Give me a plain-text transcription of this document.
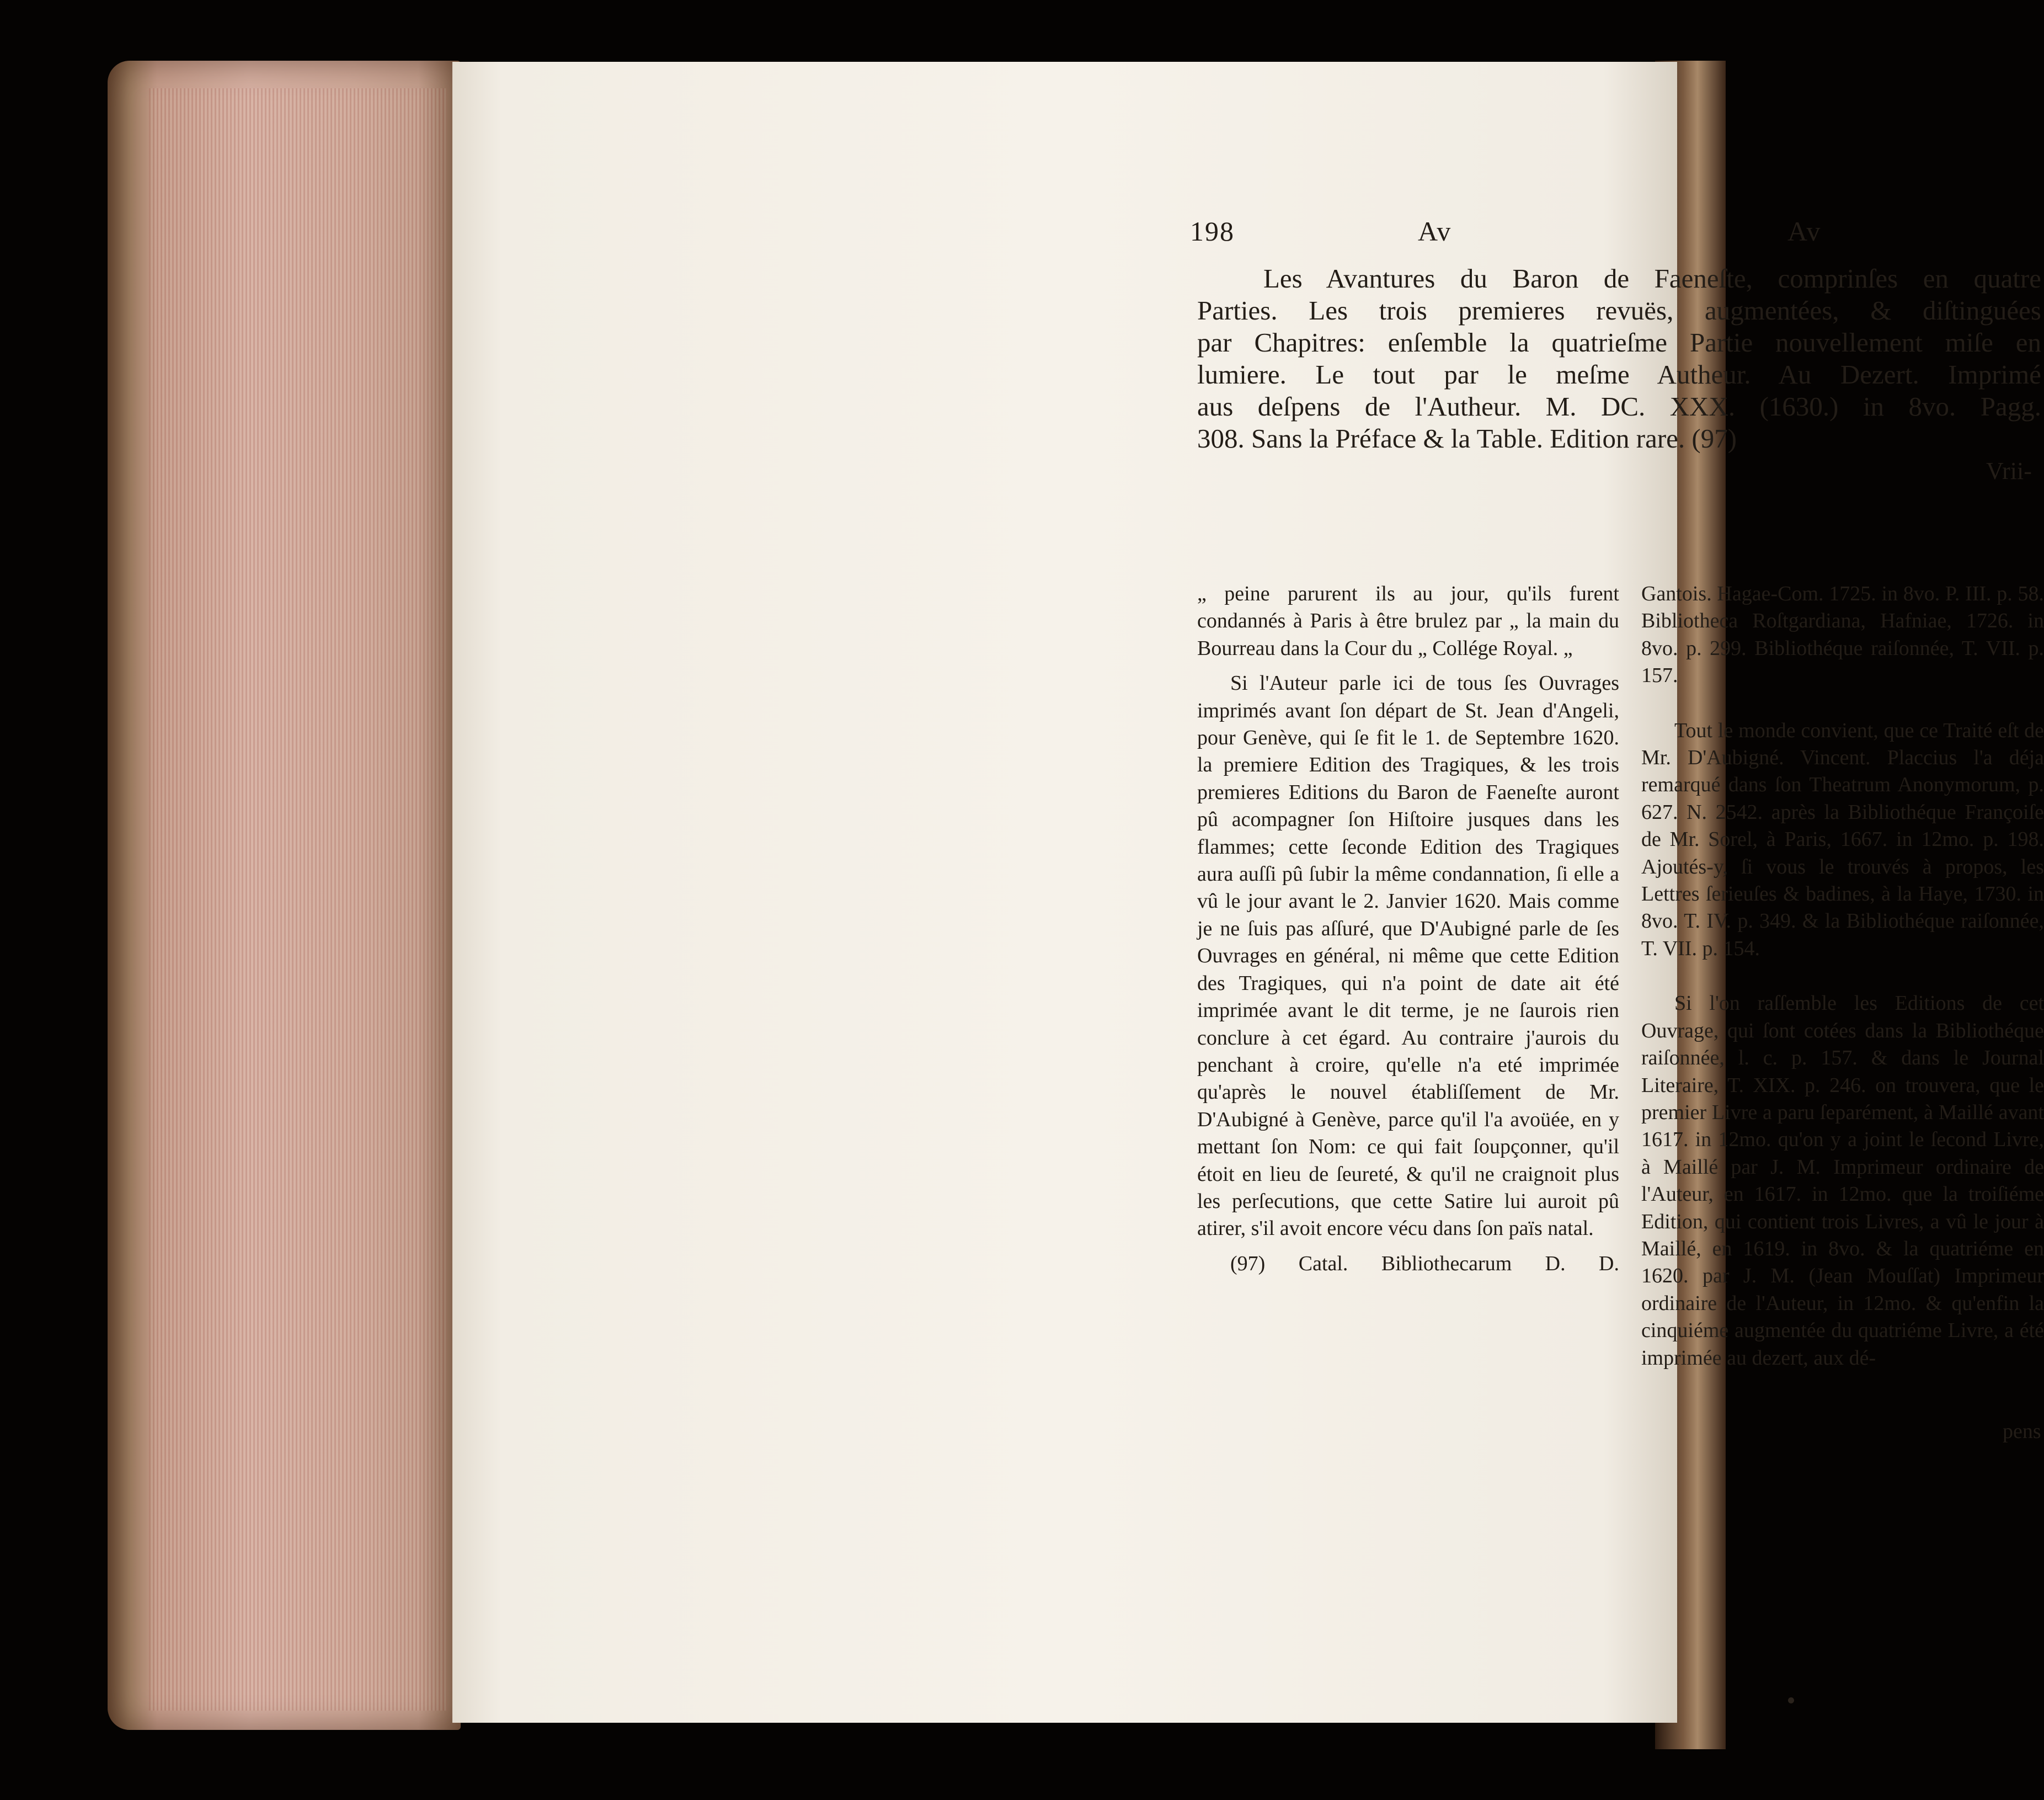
198	Av	Av
Les Avantures du Baron de Faeneſte, comprinſes en quatre
Parties. Les trois premieres revuës, augmentées, & diſtinguées
par Chapitres: enſemble la quatrieſme Partie nouvellement miſe en
lumiere. Le tout par le meſme Autheur. Au Dezert. Imprimé
aus deſpens de l'Autheur. M. DC. XXX. (1630.) in 8vo. Pagg.
308. Sans la Préface & la Table. Edition rare. (97)
Vrii-

„ peine parurent ils au jour, qu'ils furent condannés à Paris à être brulez par „ la main du Bourreau dans la Cour du „ Collége Royal. „

Si l'Auteur parle ici de tous ſes Ouvrages imprimés avant ſon départ de St. Jean d'Angeli, pour Genève, qui ſe fit le 1. de Septembre 1620. la premiere Edition des Tragiques, & les trois premieres Editions du Baron de Faeneſte auront pû acompagner ſon Hiſtoire jusques dans les flammes; cette ſeconde Edition des Tragiques aura auſſi pû ſubir la même condannation, ſi elle a vû le jour avant le 2. Janvier 1620. Mais comme je ne ſuis pas aſſuré, que D'Aubigné parle de ſes Ouvrages en général, ni même que cette Edition des Tragiques, qui n'a point de date ait été imprimée avant le dit terme, je ne ſaurois rien conclure à cet égard. Au contraire j'aurois du penchant à croire, qu'elle n'a eté imprimée qu'après le nouvel établiſſement de Mr. D'Aubigné à Genève, parce qu'il l'a avoüée, en y mettant ſon Nom: ce qui fait ſoupçonner, qu'il étoit en lieu de ſeureté, & qu'il ne craignoit plus les perſecutions, que cette Satire lui auroit pû atirer, s'il avoit encore vécu dans ſon païs natal.

(97) Catal. Bibliothecarum D. D.

Gantois. Hagae-Com. 1725. in 8vo. P. III. p. 58. Bibliotheca Roſtgardiana, Hafniae, 1726. in 8vo. p. 299. Bibliothéque raiſonnée, T. VII. p. 157.

Tout le monde convient, que ce Traité eſt de Mr. D'Aubigné. Vincent. Placcius l'a déja remarqué dans ſon Theatrum Anonymorum, p. 627. N. 2542. après la Bibliothéque Françoiſe de Mr. Sorel, à Paris, 1667. in 12mo. p. 198. Ajoutés-y, ſi vous le trouvés à propos, les Lettres ſerieuſes & badines, à la Haye, 1730. in 8vo. T. IV. p. 349. & la Bibliothéque raiſonnée, T. VII. p. 154.

Si l'on raſſemble les Editions de cet Ouvrage, qui ſont cotées dans la Bibliothéque raiſonnée, l. c. p. 157. & dans le Journal Literaire, T. XIX. p. 246. on trouvera, que le premier Livre a paru ſeparément, à Maillé avant 1617. in 12mo. qu'on y a joint le ſecond Livre, à Maillé par J. M. Imprimeur ordinaire de l'Auteur, en 1617. in 12mo. que la troiſiéme Edition, qui contient trois Livres, a vû le jour à Maillé, en 1619. in 8vo. & la quatriéme en 1620. par J. M. (Jean Mouſſat) Imprimeur ordinaire de l'Auteur, in 12mo. & qu'enfin la cinquiéme augmentée du quatriéme Livre, a été imprimée au dezert, aux dé-

pens
